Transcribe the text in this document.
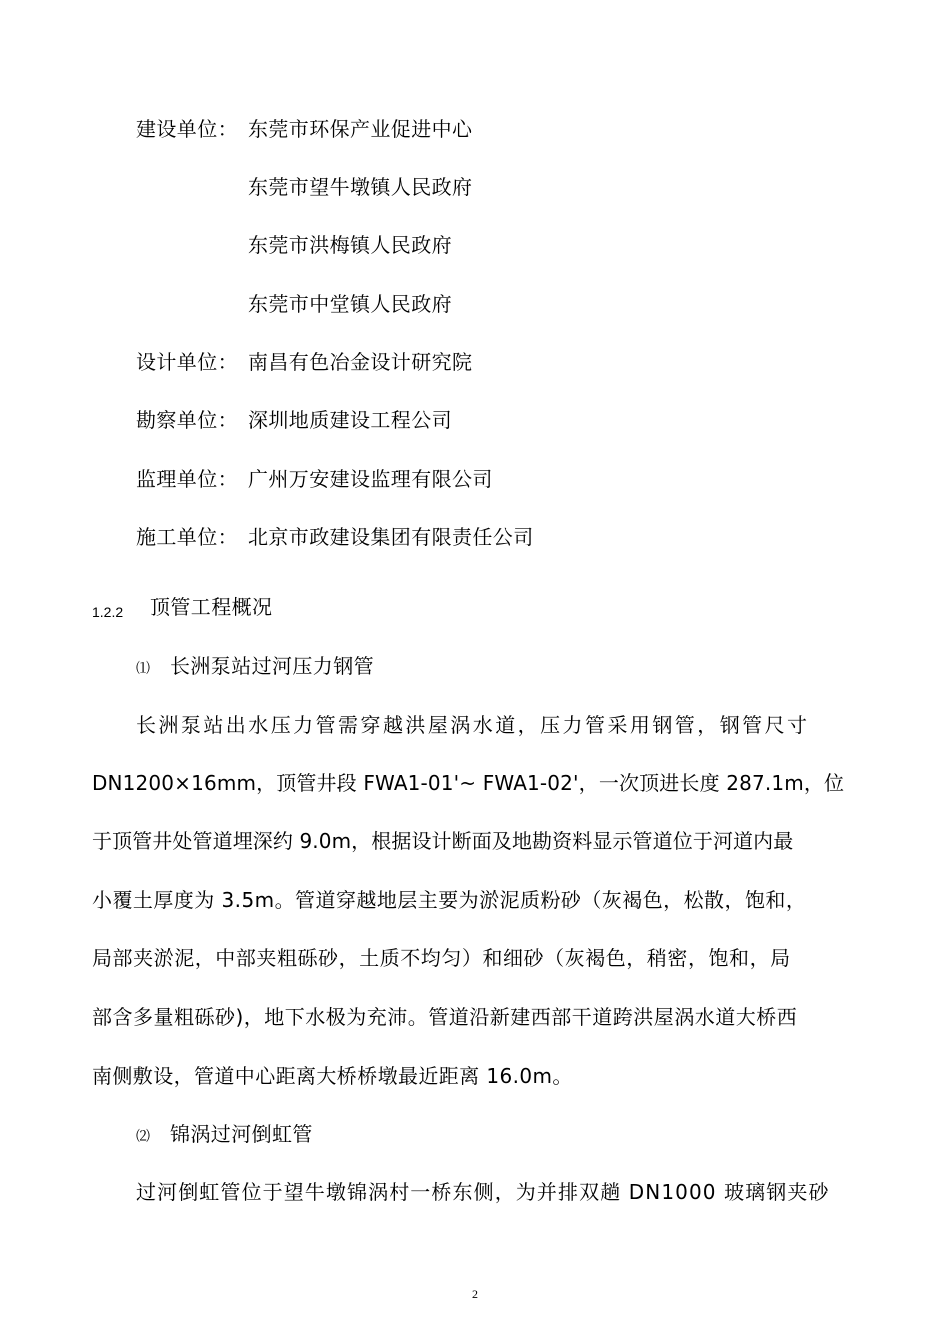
建设单位： 东莞市环保产业促进中心
东莞市望牛墩镇人民政府
东莞市洪梅镇人民政府
东莞市中堂镇人民政府
设计单位： 南昌有色冶金设计研究院
勘察单位： 深圳地质建设工程公司
监理单位： 广州万安建设监理有限公司
施工单位： 北京市政建设集团有限责任公司
1.2.2 顶管工程概况
⑴ 长洲泵站过河压力钢管
长洲泵站出水压力管需穿越洪屋涡水道，压力管采用钢管，钢管尺寸
DN1200×16mm，顶管井段 FWA1-01'~ FWA1-02'，一次顶进长度 287.1m，位
于顶管井处管道埋深约 9.0m，根据设计断面及地勘资料显示管道位于河道内最
小覆土厚度为 3.5m。管道穿越地层主要为淤泥质粉砂（灰褐色，松散，饱和，
局部夹淤泥，中部夹粗砾砂，土质不均匀）和细砂（灰褐色，稍密，饱和，局
部含多量粗砾砂)，地下水极为充沛。管道沿新建西部干道跨洪屋涡水道大桥西
南侧敷设，管道中心距离大桥桥墩最近距离 16.0m。
⑵ 锦涡过河倒虹管
过河倒虹管位于望牛墩锦涡村一桥东侧，为并排双趟 DN1000 玻璃钢夹砂
2
